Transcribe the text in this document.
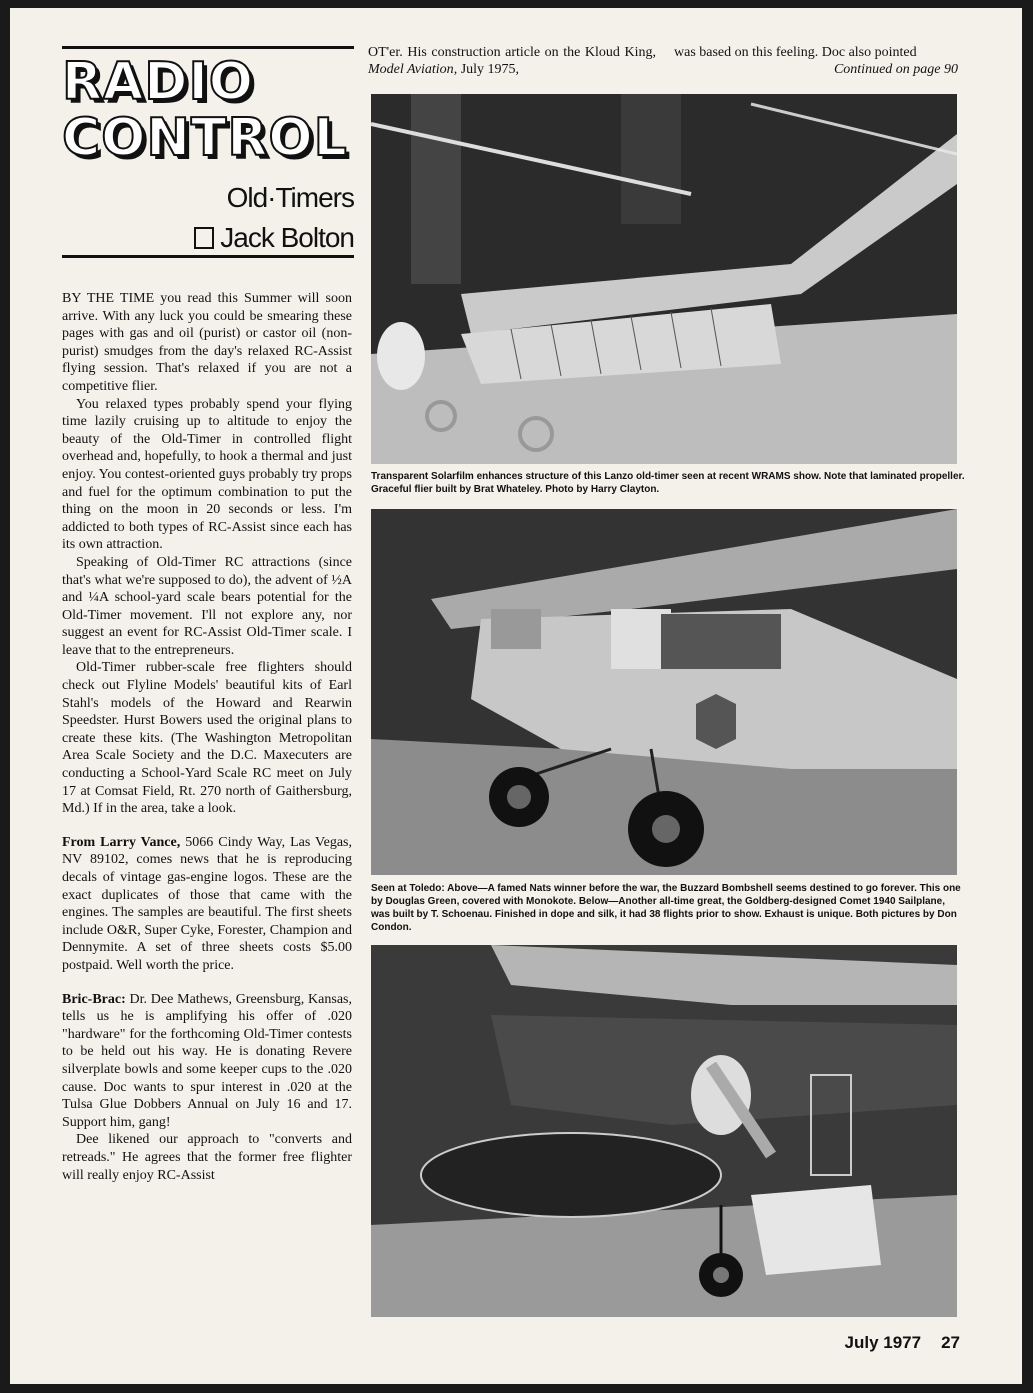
RADIO
CONTROL
Old·Timers
Jack Bolton

BY THE TIME you read this Summer will soon arrive. With any luck you could be smearing these pages with gas and oil (purist) or castor oil (non-purist) smudges from the day's relaxed RC-Assist flying session. That's relaxed if you are not a competitive flier.

You relaxed types probably spend your flying time lazily cruising up to altitude to enjoy the beauty of the Old-Timer in controlled flight overhead and, hopefully, to hook a thermal and just enjoy. You contest-oriented guys probably try props and fuel for the optimum combination to put the thing on the moon in 20 seconds or less. I'm addicted to both types of RC-Assist since each has its own attraction.

Speaking of Old-Timer RC attractions (since that's what we're supposed to do), the advent of ½A and ¼A school-yard scale bears potential for the Old-Timer movement. I'll not explore any, nor suggest an event for RC-Assist Old-Timer scale. I leave that to the entrepreneurs.

Old-Timer rubber-scale free flighters should check out Flyline Models' beautiful kits of Earl Stahl's models of the Howard and Rearwin Speedster. Hurst Bowers used the original plans to create these kits. (The Washington Metropolitan Area Scale Society and the D.C. Maxecuters are conducting a School-Yard Scale RC meet on July 17 at Comsat Field, Rt. 270 north of Gaithersburg, Md.) If in the area, take a look.

From Larry Vance, 5066 Cindy Way, Las Vegas, NV 89102, comes news that he is reproducing decals of vintage gas-engine logos. These are the exact duplicates of those that came with the engines. The samples are beautiful. The first sheets include O&R, Super Cyke, Forester, Champion and Dennymite. A set of three sheets costs $5.00 postpaid. Well worth the price.

Bric-Brac: Dr. Dee Mathews, Greensburg, Kansas, tells us he is amplifying his offer of .020 "hardware" for the forthcoming Old-Timer contests to be held out his way. He is donating Revere silverplate bowls and some keeper cups to the .020 cause. Doc wants to spur interest in .020 at the Tulsa Glue Dobbers Annual on July 16 and 17. Support him, gang!

Dee likened our approach to "converts and retreads." He agrees that the former free flighter will really enjoy RC-Assist

OT'er. His construction article on the Kloud King, Model Aviation, July 1975,
was based on this feeling. Doc also pointed
Continued on page 90
Transparent Solarfilm enhances structure of this Lanzo old-timer seen at recent WRAMS show. Note that laminated propeller. Graceful flier built by Brat Whateley. Photo by Harry Clayton.
Seen at Toledo: Above—A famed Nats winner before the war, the Buzzard Bombshell seems destined to go forever. This one by Douglas Green, covered with Monokote. Below—Another all-time great, the Goldberg-designed Comet 1940 Sailplane, was built by T. Schoenau. Finished in dope and silk, it had 38 flights prior to show. Exhaust is unique. Both pictures by Don Condon.
July 1977 27
